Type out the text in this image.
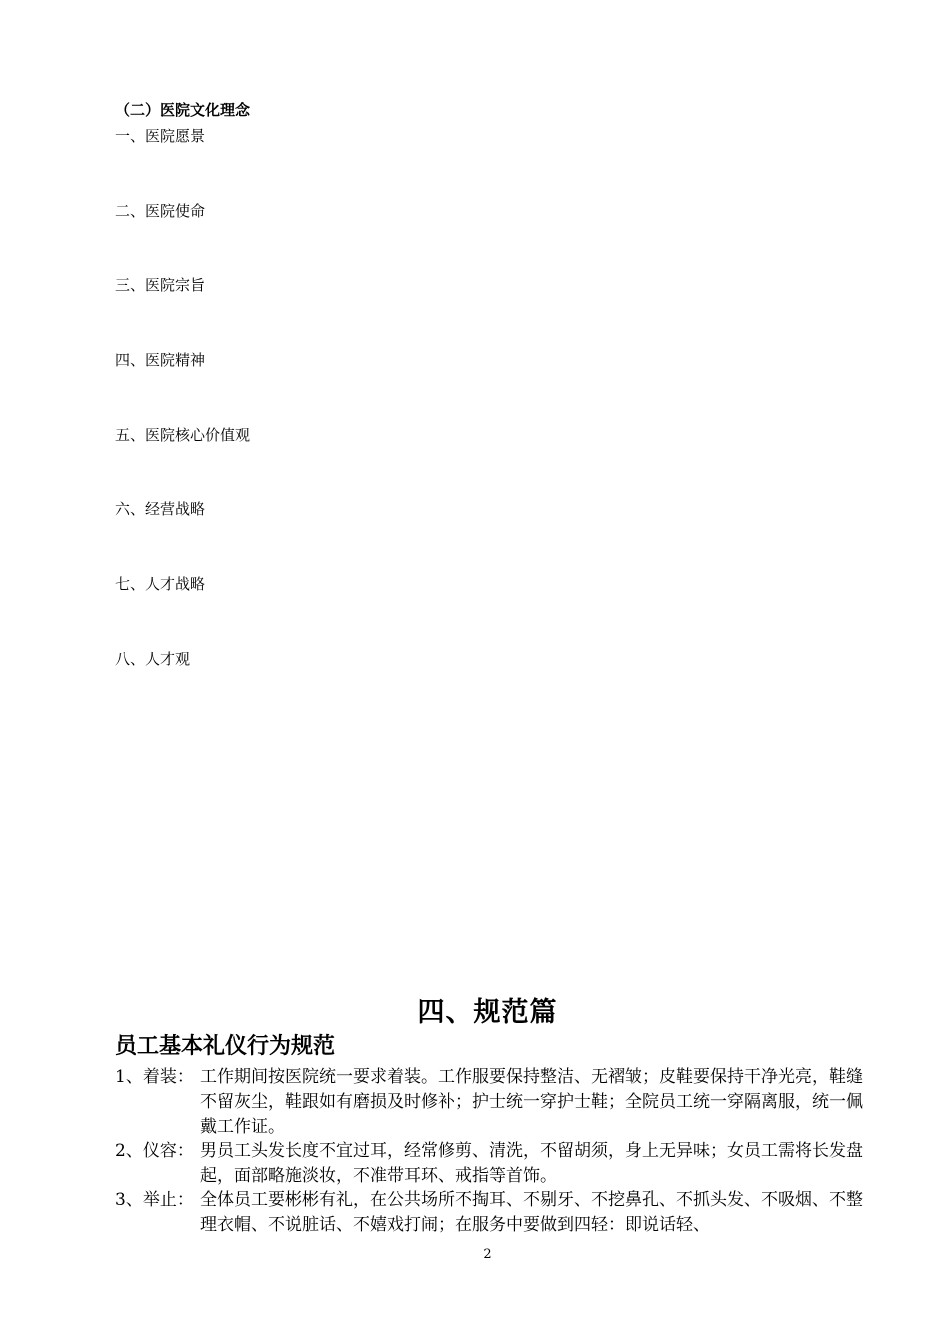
（二）医院文化理念
一、医院愿景
二、医院使命
三、医院宗旨
四、医院精神
五、医院核心价值观
六、经营战略
七、人才战略
八、人才观
四、规范篇
员工基本礼仪行为规范
1、着装： 工作期间按医院统一要求着装。工作服要保持整洁、无褶皱；皮鞋要保持干净光亮，鞋缝不留灰尘，鞋跟如有磨损及时修补；护士统一穿护士鞋；全院员工统一穿隔离服，统一佩戴工作证。
2、仪容： 男员工头发长度不宜过耳，经常修剪、清洗，不留胡须，身上无异味；女员工需将长发盘起，面部略施淡妆，不准带耳环、戒指等首饰。
3、举止： 全体员工要彬彬有礼，在公共场所不掏耳、不剔牙、不挖鼻孔、不抓头发、不吸烟、不整理衣帽、不说脏话、不嬉戏打闹；在服务中要做到四轻：即说话轻、
2
